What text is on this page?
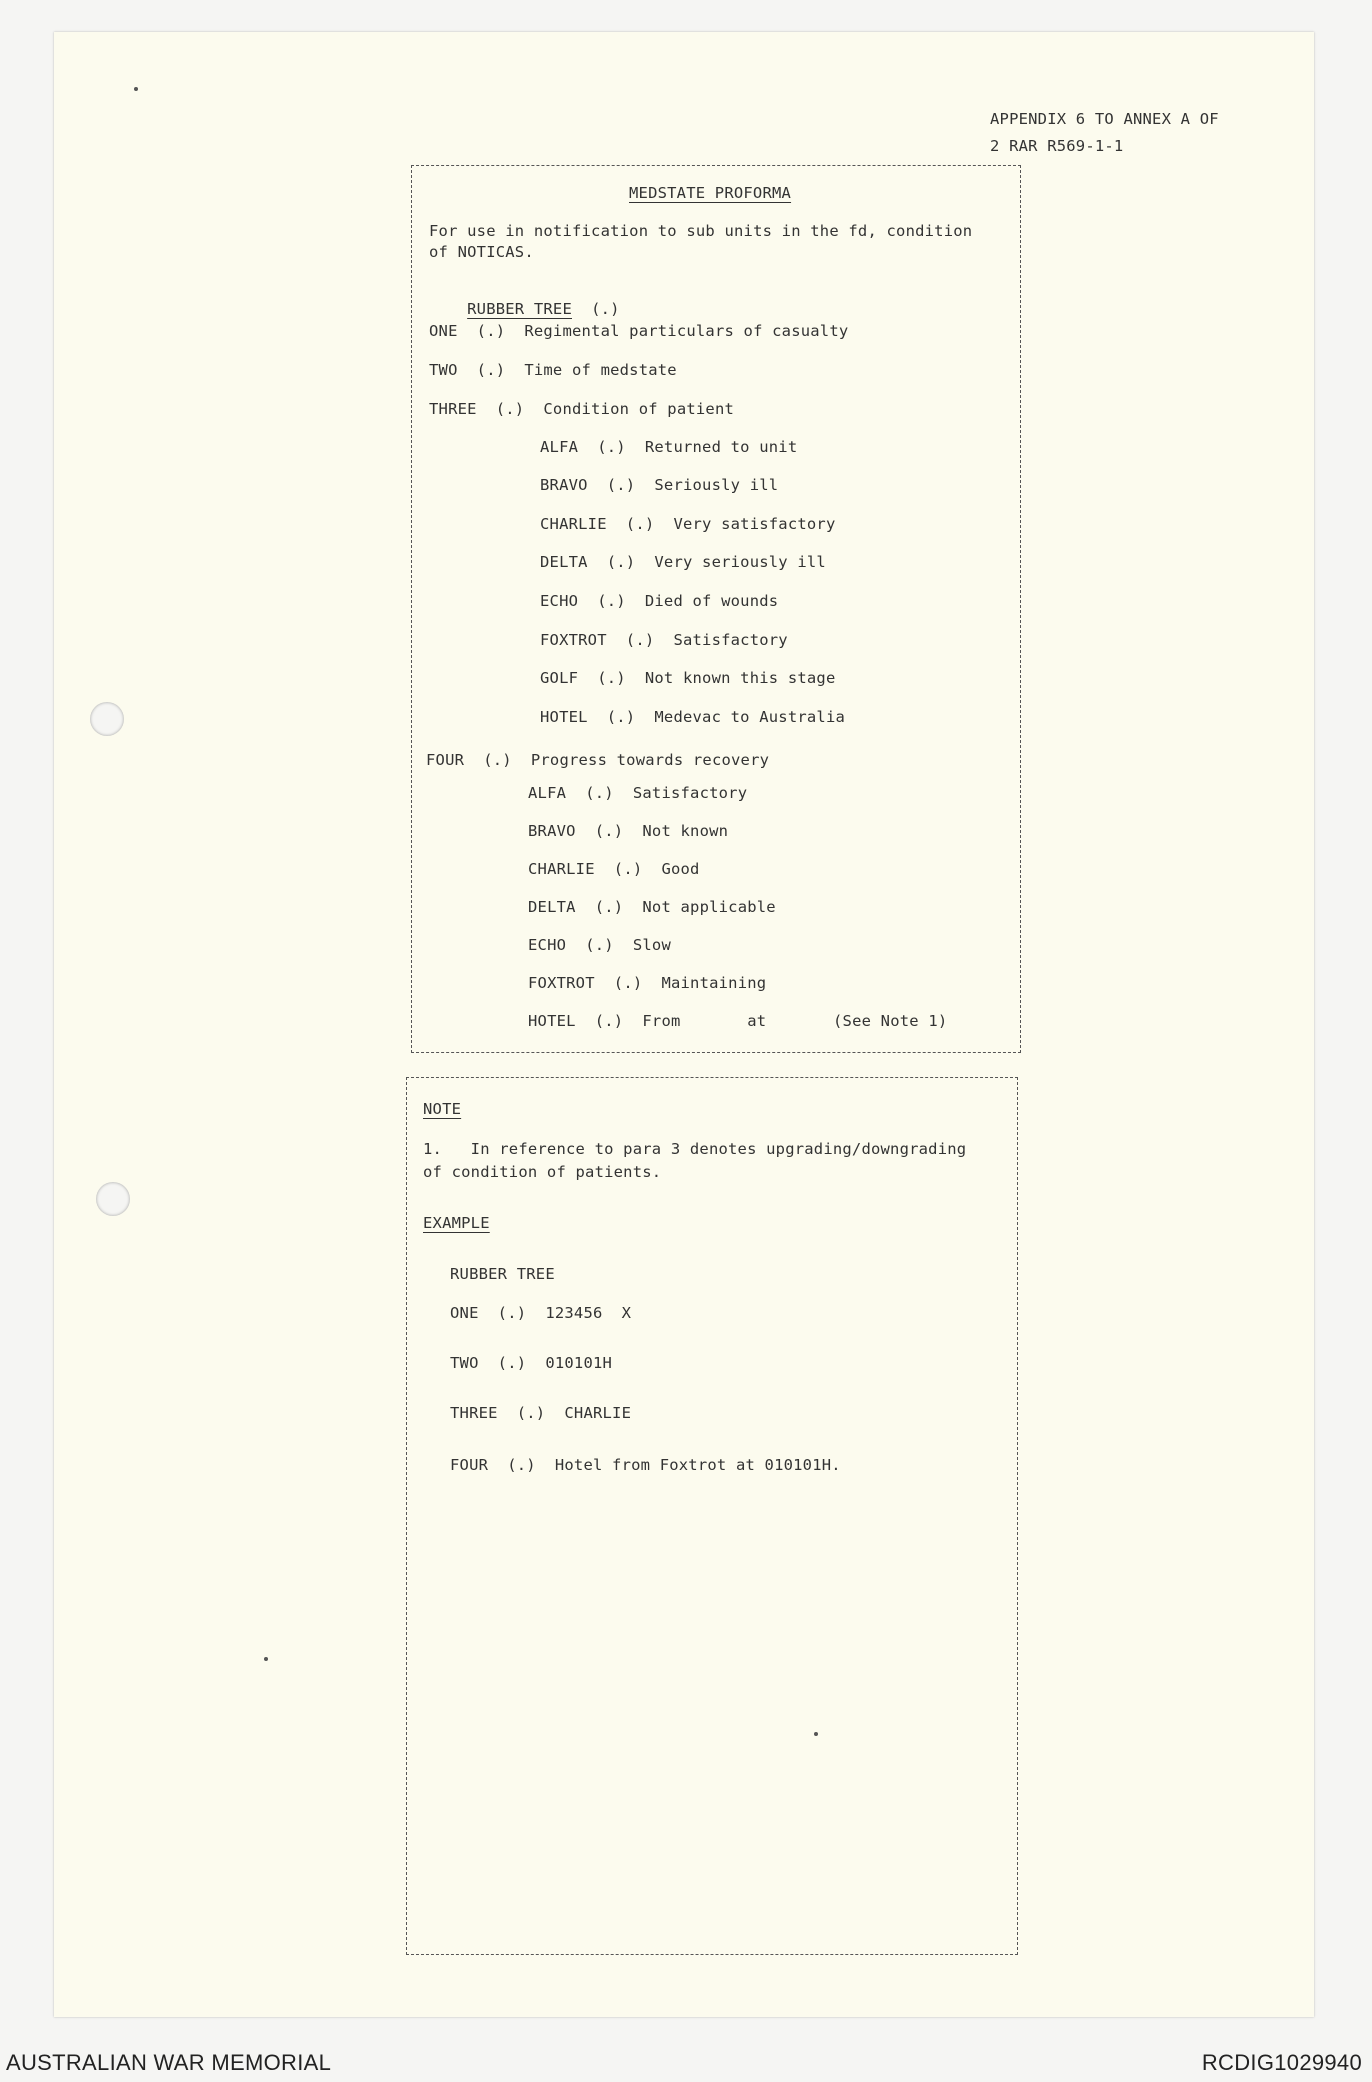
APPENDIX 6 TO ANNEX A OF
2 RAR R569-1-1
MEDSTATE PROFORMA
For use in notification to sub units in the fd, condition
of NOTICAS.

RUBBER TREE (.)

ONE  (.)  Regimental particulars of casualty
TWO  (.)  Time of medstate
THREE  (.)  Condition of patient
ALFA  (.)  Returned to unit
BRAVO  (.)  Seriously ill
CHARLIE  (.)  Very satisfactory
DELTA  (.)  Very seriously ill
ECHO  (.)  Died of wounds
FOXTROT  (.)  Satisfactory
GOLF  (.)  Not known this stage
HOTEL  (.)  Medevac to Australia
FOUR  (.)  Progress towards recovery
ALFA  (.)  Satisfactory
BRAVO  (.)  Not known
CHARLIE  (.)  Good
DELTA  (.)  Not applicable
ECHO  (.)  Slow
FOXTROT  (.)  Maintaining
HOTEL  (.)  From       at       (See Note 1)
NOTE
1.   In reference to para 3 denotes upgrading/downgrading
of condition of patients.
EXAMPLE
RUBBER TREE
ONE  (.)  123456  X
TWO  (.)  010101H
THREE  (.)  CHARLIE
FOUR  (.)  Hotel from Foxtrot at 010101H.
AUSTRALIAN WAR MEMORIAL	RCDIG1029940
